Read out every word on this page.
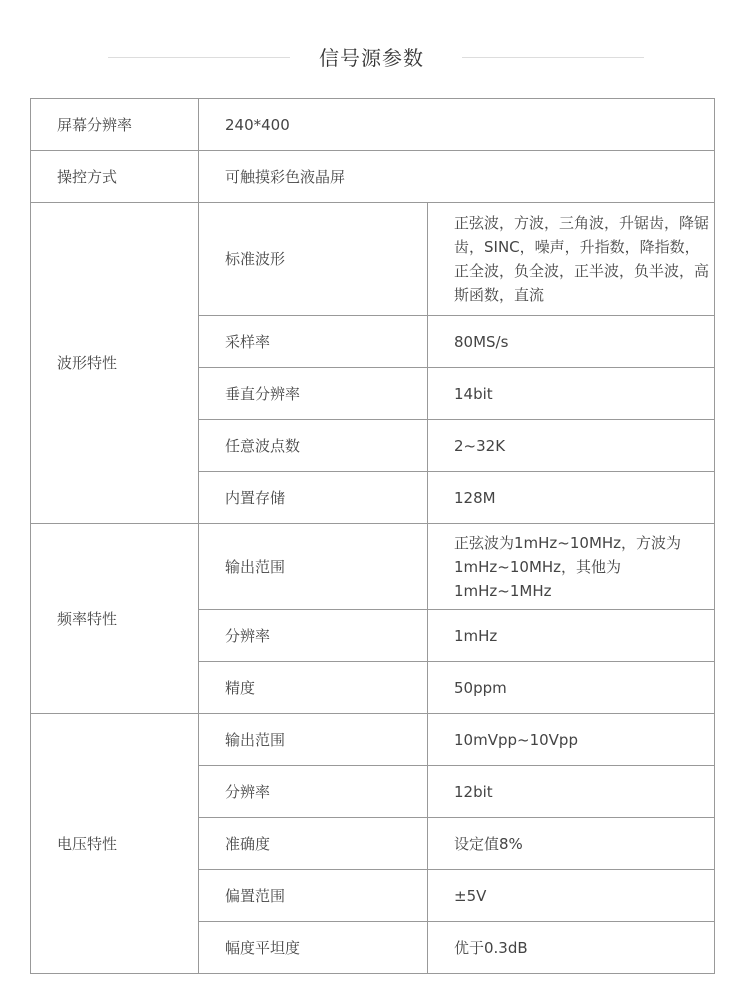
信号源参数
屏幕分辨率	240*400	
操控方式	可触摸彩色液晶屏	
波形特性	标准波形	正弦波，方波，三角波，升锯齿，降锯齿，SINC，噪声，升指数，降指数，正全波，负全波，正半波，负半波，高斯函数，直流
	采样率	80MS/s
	垂直分辨率	14bit
	任意波点数	2~32K
	内置存储	128M
频率特性	输出范围	正弦波为1mHz~10MHz，方波为1mHz~10MHz，其他为1mHz~1MHz
	分辨率	1mHz
	精度	50ppm
电压特性	输出范围	10mVpp~10Vpp
	分辨率	12bit
	准确度	设定值8%
	偏置范围	±5V
	幅度平坦度	优于0.3dB
